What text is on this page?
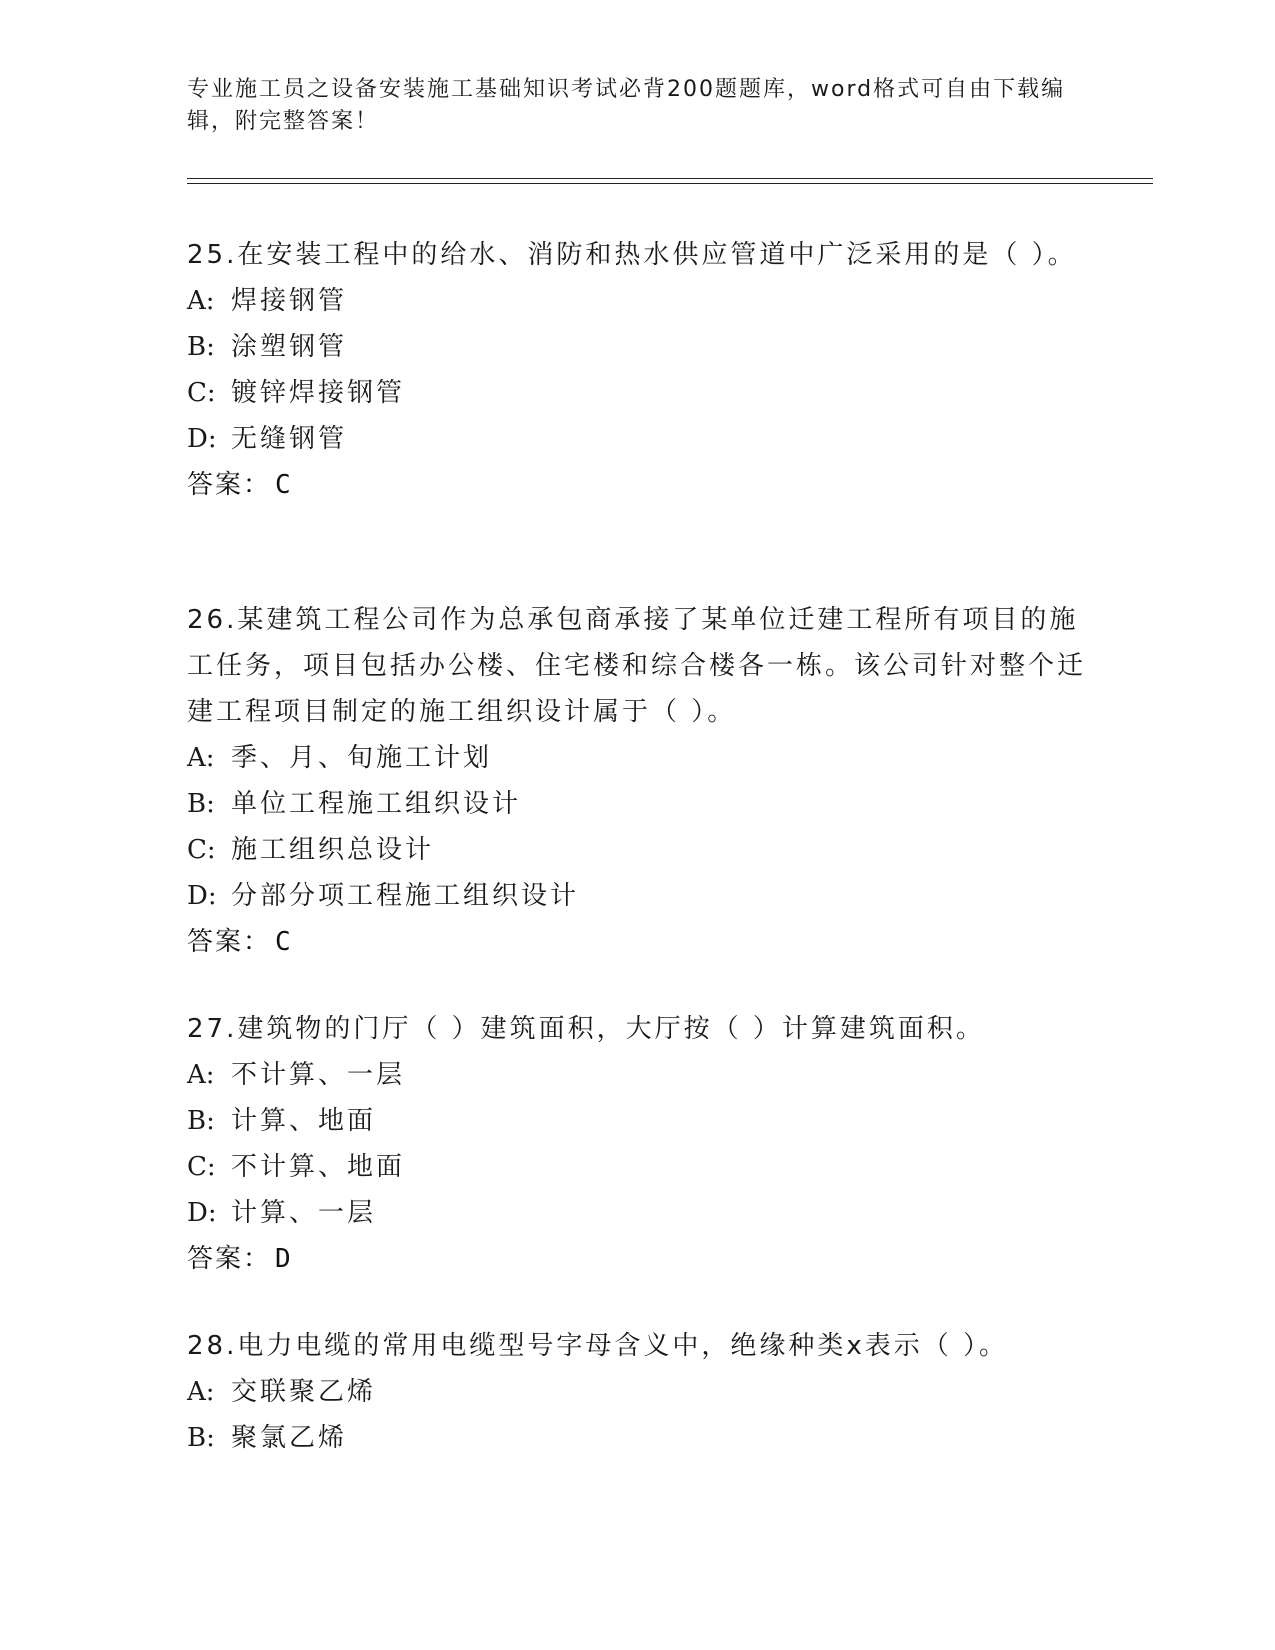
专业施工员之设备安装施工基础知识考试必背200题题库，word格式可自由下载编辑，附完整答案！

25.在安装工程中的给水、消防和热水供应管道中广泛采用的是（ ）。

A: 焊接钢管
B: 涂塑钢管
C: 镀锌焊接钢管
D: 无缝钢管

答案： C

26.某建筑工程公司作为总承包商承接了某单位迁建工程所有项目的施工任务，项目包括办公楼、住宅楼和综合楼各一栋。该公司针对整个迁建工程项目制定的施工组织设计属于（ ）。

A: 季、月、旬施工计划
B: 单位工程施工组织设计
C: 施工组织总设计
D: 分部分项工程施工组织设计

答案： C

27.建筑物的门厅（ ）建筑面积，大厅按（ ）计算建筑面积。

A: 不计算、一层
B: 计算、地面
C: 不计算、地面
D: 计算、一层

答案： D

28.电力电缆的常用电缆型号字母含义中，绝缘种类x表示（ ）。

A: 交联聚乙烯
B: 聚氯乙烯
